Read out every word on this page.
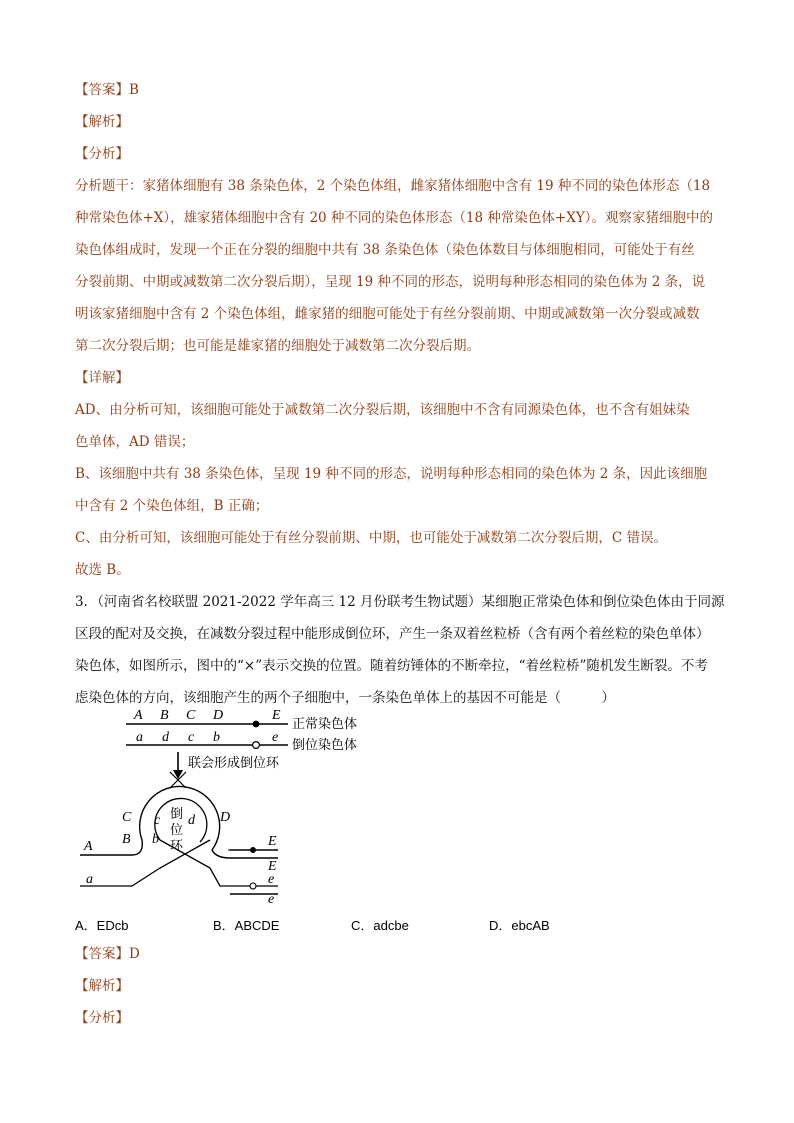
【答案】B
【解析】
【分析】
分析题干：家猪体细胞有 38 条染色体，2 个染色体组，雌家猪体细胞中含有 19 种不同的染色体形态（18
种常染色体+X），雄家猪体细胞中含有 20 种不同的染色体形态（18 种常染色体+XY）。观察家猪细胞中的
染色体组成时，发现一个正在分裂的细胞中共有 38 条染色体（染色体数目与体细胞相同，可能处于有丝
分裂前期、中期或减数第二次分裂后期），呈现 19 种不同的形态，说明每种形态相同的染色体为 2 条，说
明该家猪细胞中含有 2 个染色体组，雌家猪的细胞可能处于有丝分裂前期、中期或减数第一次分裂或减数
第二次分裂后期；也可能是雄家猪的细胞处于减数第二次分裂后期。
【详解】
AD、由分析可知，该细胞可能处于减数第二次分裂后期，该细胞中不含有同源染色体，也不含有姐妹染
色单体，AD 错误；
B、该细胞中共有 38 条染色体，呈现 19 种不同的形态，说明每种形态相同的染色体为 2 条，因此该细胞
中含有 2 个染色体组，B 正确；
C、由分析可知，该细胞可能处于有丝分裂前期、中期，也可能处于减数第二次分裂后期，C 错误。
故选 B。
3．（河南省名校联盟 2021-2022 学年高三 12 月份联考生物试题）某细胞正常染色体和倒位染色体由于同源
区段的配对及交换，在减数分裂过程中能形成倒位环，产生一条双着丝粒桥（含有两个着丝粒的染色单体）
染色体，如图所示，图中的“×”表示交换的位置。随着纺锤体的不断牵拉，“着丝粒桥”随机发生断裂。不考
虑染色体的方向，该细胞产生的两个子细胞中，一条染色单体上的基因不可能是（　　　）
A B C D	E
正常染色体
a d c b	e 倒位染色体
联会形成倒位环
C
B
D
c
b
d
A
a
E
E
e
e
倒
位
环
A．EDcb	B．ABCDE	C．adcbe	D．ebcAB
【答案】D
【解析】
【分析】
